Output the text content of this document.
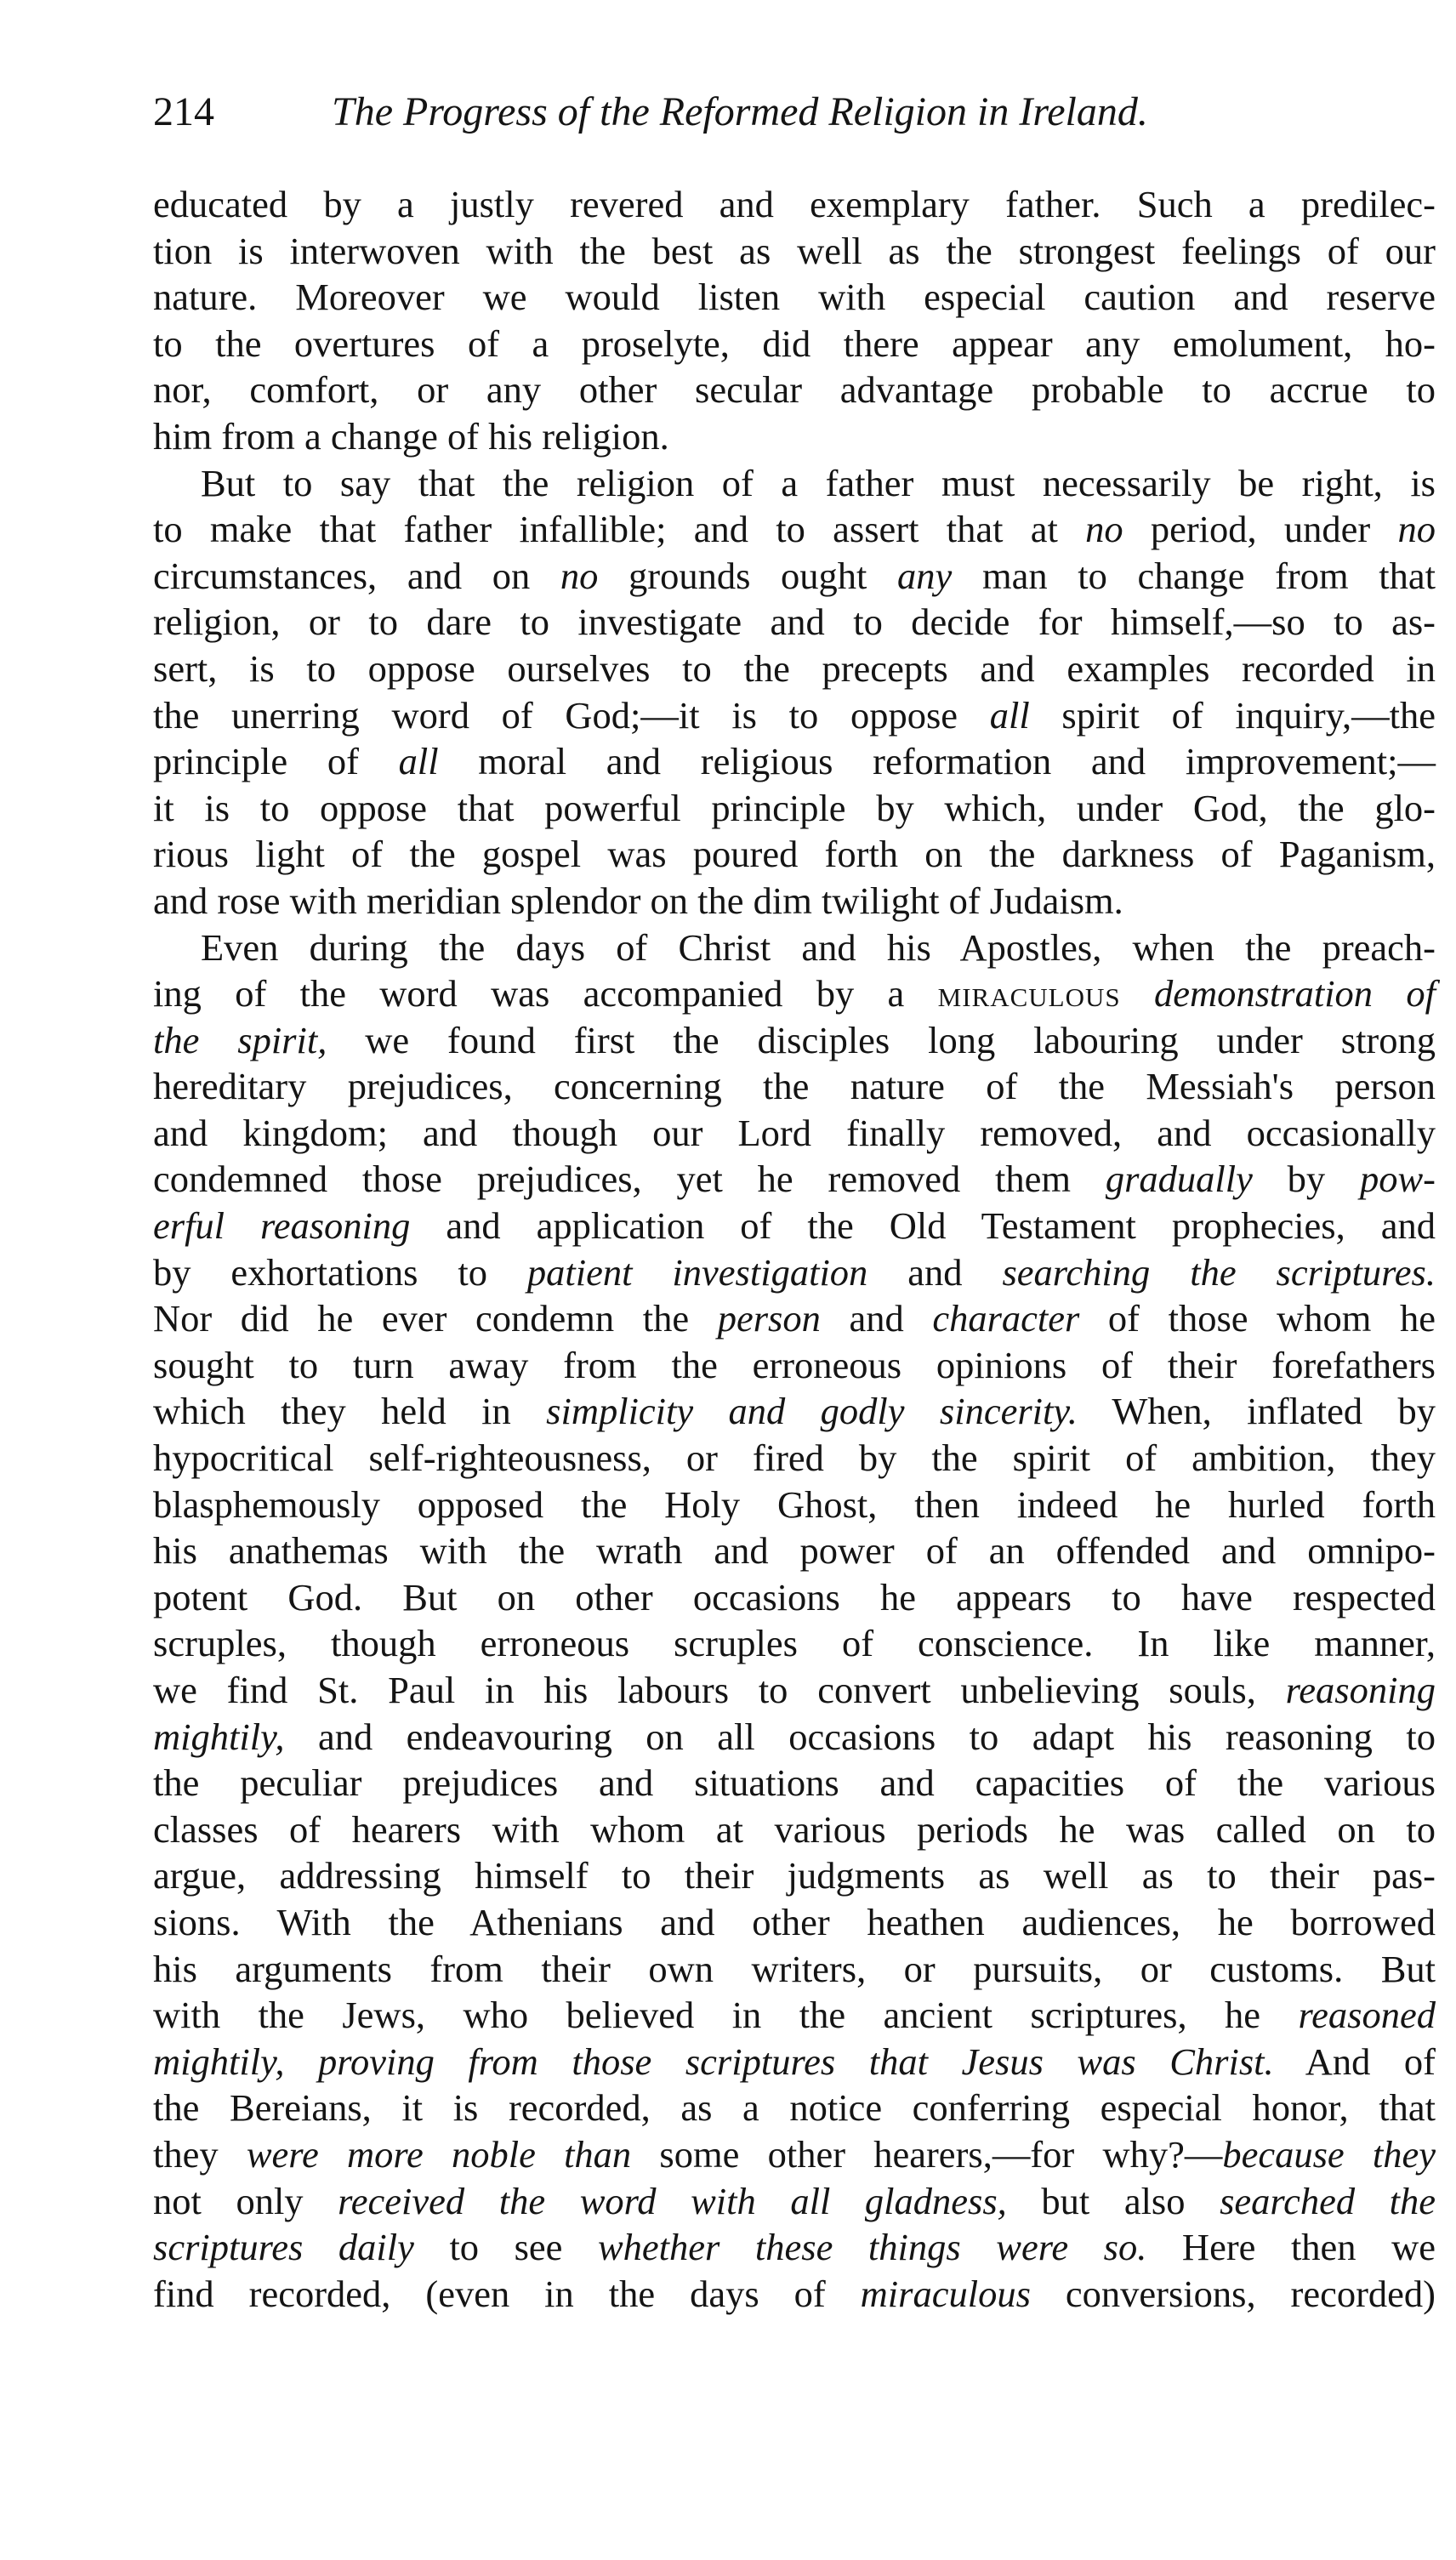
214	The Progress of the Reformed Religion in Ireland.
educated by a justly revered and exemplary father. Such a predilec-
tion is interwoven with the best as well as the strongest feelings of our
nature. Moreover we would listen with especial caution and reserve
to the overtures of a proselyte, did there appear any emolument, ho-
nor, comfort, or any other secular advantage probable to accrue to
him from a change of his religion.
But to say that the religion of a father must necessarily be right, is
to make that father infallible; and to assert that at no period, under no
circumstances, and on no grounds ought any man to change from that
religion, or to dare to investigate and to decide for himself,—so to as-
sert, is to oppose ourselves to the precepts and examples recorded in
the unerring word of God;—it is to oppose all spirit of inquiry,—the
principle of all moral and religious reformation and improvement;—
it is to oppose that powerful principle by which, under God, the glo-
rious light of the gospel was poured forth on the darkness of Paganism,
and rose with meridian splendor on the dim twilight of Judaism.
Even during the days of Christ and his Apostles, when the preach-
ing of the word was accompanied by a miraculous demonstration of
the spirit, we found first the disciples long labouring under strong
hereditary prejudices, concerning the nature of the Messiah's person
and kingdom; and though our Lord finally removed, and occasionally
condemned those prejudices, yet he removed them gradually by pow-
erful reasoning and application of the Old Testament prophecies, and
by exhortations to patient investigation and searching the scriptures.
Nor did he ever condemn the person and character of those whom he
sought to turn away from the erroneous opinions of their forefathers
which they held in simplicity and godly sincerity. When, inflated by
hypocritical self-righteousness, or fired by the spirit of ambition, they
blasphemously opposed the Holy Ghost, then indeed he hurled forth
his anathemas with the wrath and power of an offended and omnipo-
potent God. But on other occasions he appears to have respected
scruples, though erroneous scruples of conscience. In like manner,
we find St. Paul in his labours to convert unbelieving souls, reasoning
mightily, and endeavouring on all occasions to adapt his reasoning to
the peculiar prejudices and situations and capacities of the various
classes of hearers with whom at various periods he was called on to
argue, addressing himself to their judgments as well as to their pas-
sions. With the Athenians and other heathen audiences, he borrowed
his arguments from their own writers, or pursuits, or customs. But
with the Jews, who believed in the ancient scriptures, he reasoned
mightily, proving from those scriptures that Jesus was Christ. And of
the Bereians, it is recorded, as a notice conferring especial honor, that
they were more noble than some other hearers,—for why?—because they
not only received the word with all gladness, but also searched the
scriptures daily to see whether these things were so. Here then we
find recorded, (even in the days of miraculous conversions, recorded)
